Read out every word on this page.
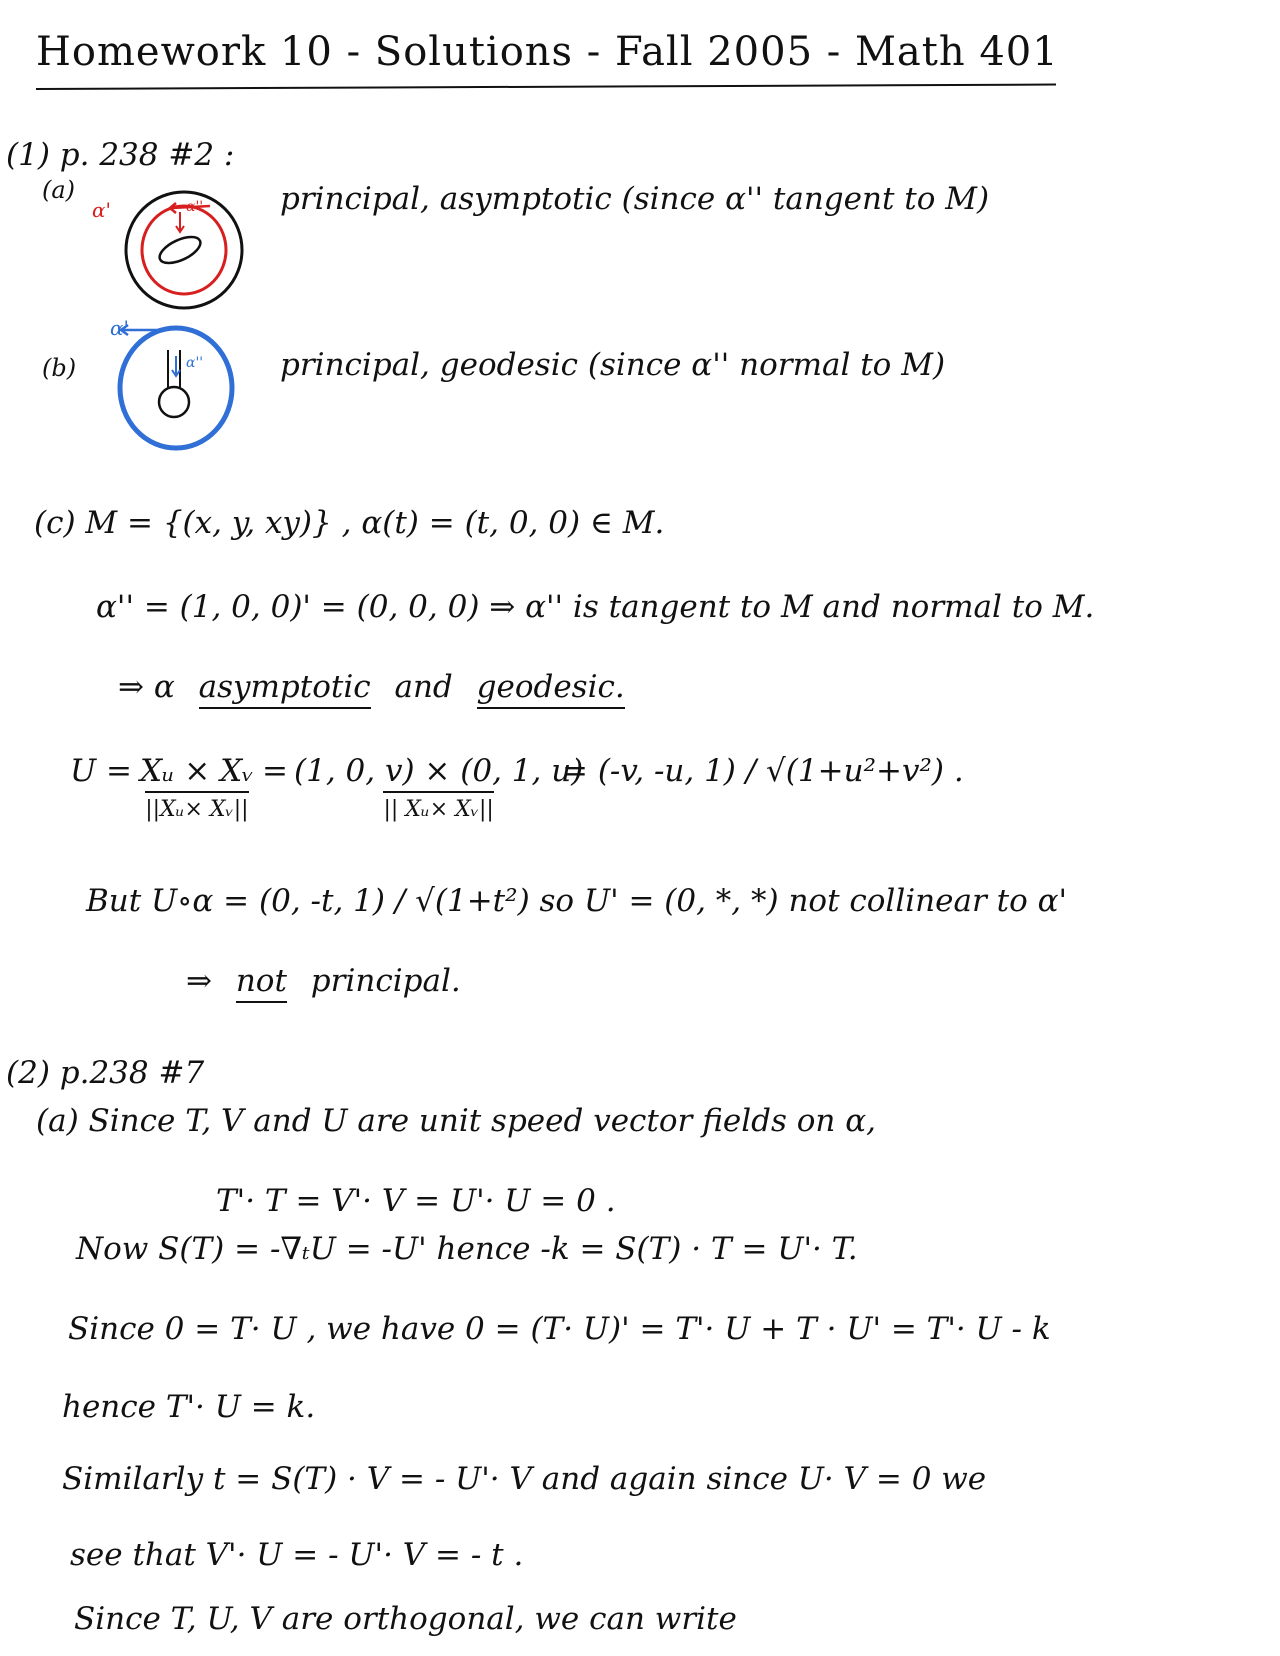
Homework 10 - Solutions - Fall 2005 - Math 401
(1) p. 238 #2 :
(a)
α'	α'' principal, asymptotic (since α'' tangent to M)
(b)
α'
α'' principal, geodesic (since α'' normal to M)
(c) M = {(x, y, xy)} , α(t) = (t, 0, 0) ∈ M.
α'' = (1, 0, 0)' = (0, 0, 0) ⇒ α'' is tangent to M and normal to M.
⇒ α asymptotic and geodesic.
U = Xᵤ × Xᵥ
||Xᵤ× Xᵥ||
= (1, 0, v) × (0, 1, u)
|| Xᵤ× Xᵥ||
= (-v, -u, 1) / √(1+u²+v²) .
But U∘α = (0, -t, 1) / √(1+t²) so U' = (0, *, *) not collinear to α'
⇒ not principal.
(2) p.238 #7
(a) Since T, V and U are unit speed vector fields on α,
T'· T = V'· V = U'· U = 0 .
Now S(T) = -∇ₜU = -U' hence -k = S(T) · T = U'· T.
Since 0 = T· U , we have 0 = (T· U)' = T'· U + T · U' = T'· U - k
hence T'· U = k.
Similarly t = S(T) · V = - U'· V and again since U· V = 0 we
see that V'· U = - U'· V = - t .
Since T, U, V are orthogonal, we can write
